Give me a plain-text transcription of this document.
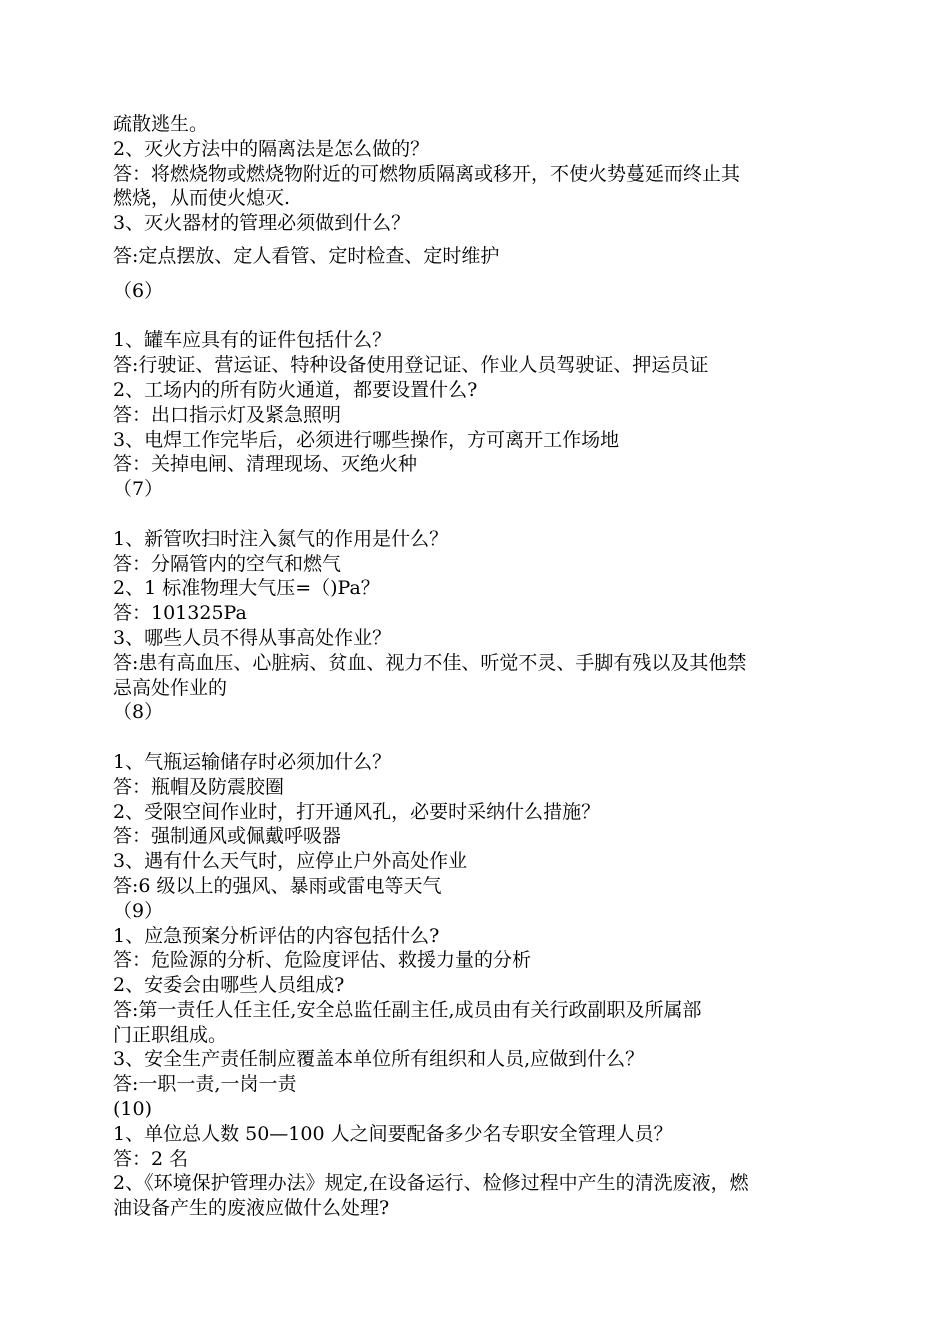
疏散逃生。
2、灭火方法中的隔离法是怎么做的？
答：将燃烧物或燃烧物附近的可燃物质隔离或移开，不使火势蔓延而终止其
燃烧，从而使火熄灭.
3、灭火器材的管理必须做到什么？
答:定点摆放、定人看管、定时检查、定时维护
（6）
1、罐车应具有的证件包括什么？
答:行驶证、营运证、特种设备使用登记证、作业人员驾驶证、押运员证
2、工场内的所有防火通道，都要设置什么?
答：出口指示灯及紧急照明
3、电焊工作完毕后，必须进行哪些操作，方可离开工作场地
答：关掉电闸、清理现场、灭绝火种
（7）
1、新管吹扫时注入氮气的作用是什么？
答：分隔管内的空气和燃气
2、1 标准物理大气压=（)Pa？
答：101325Pa
3、哪些人员不得从事高处作业？
答:患有高血压、心脏病、贫血、视力不佳、听觉不灵、手脚有残以及其他禁
忌高处作业的
（8）
1、气瓶运输储存时必须加什么？
答：瓶帽及防震胶圈
2、受限空间作业时，打开通风孔，必要时采纳什么措施？
答：强制通风或佩戴呼吸器
3、遇有什么天气时，应停止户外高处作业
答:6 级以上的强风、暴雨或雷电等天气
（9）
1、应急预案分析评估的内容包括什么?
答：危险源的分析、危险度评估、救援力量的分析
2、安委会由哪些人员组成?
答:第一责任人任主任,安全总监任副主任,成员由有关行政副职及所属部
门正职组成。
3、安全生产责任制应覆盖本单位所有组织和人员,应做到什么？
答:一职一责,一岗一责
(10)
1、单位总人数 50—100 人之间要配备多少名专职安全管理人员？
答：2 名
2、《环境保护管理办法》规定,在设备运行、检修过程中产生的清洗废液，燃
油设备产生的废液应做什么处理?
